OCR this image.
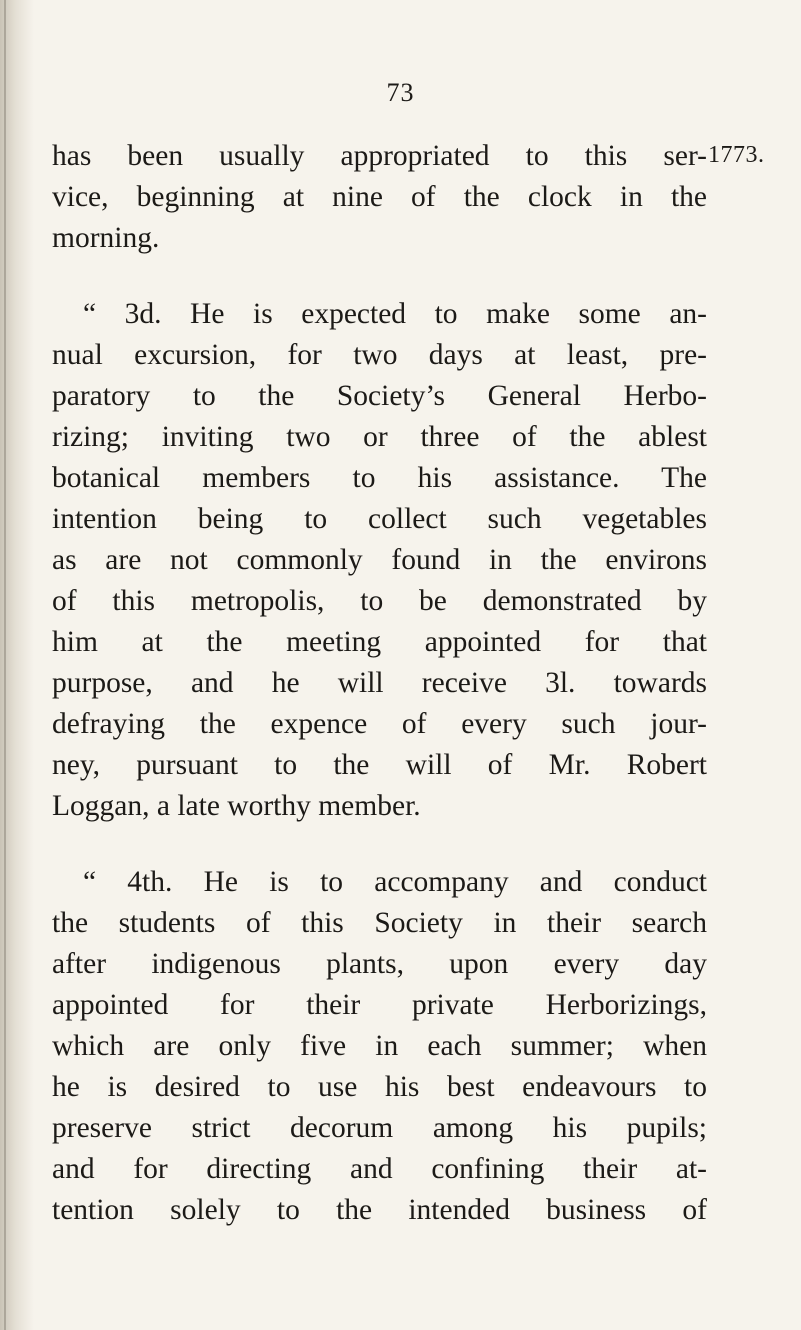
73
1773.
has been usually appropriated to this ser-
vice, beginning at nine of the clock in the
morning.
“ 3d. He is expected to make some an-
nual excursion, for two days at least, pre-
paratory to the Society’s General Herbo-
rizing; inviting two or three of the ablest
botanical members to his assistance. The
intention being to collect such vegetables
as are not commonly found in the environs
of this metropolis, to be demonstrated by
him at the meeting appointed for that
purpose, and he will receive 3l. towards
defraying the expence of every such jour-
ney, pursuant to the will of Mr. Robert
Loggan, a late worthy member.
“ 4th. He is to accompany and conduct
the students of this Society in their search
after indigenous plants, upon every day
appointed for their private Herborizings,
which are only five in each summer; when
he is desired to use his best endeavours to
preserve strict decorum among his pupils;
and for directing and confining their at-
tention solely to the intended business of
